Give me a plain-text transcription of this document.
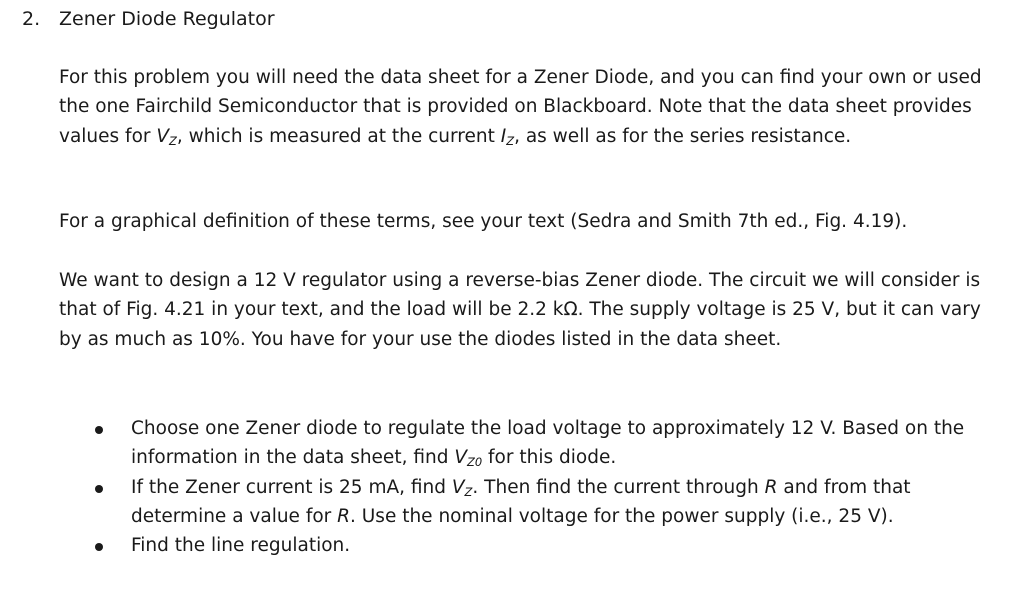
2. Zener Diode Regulator

For this problem you will need the data sheet for a Zener Diode, and you can find your own or used the one Fairchild Semiconductor that is provided on Blackboard. Note that the data sheet provides values for $V_Z$, which is measured at the current $I_Z$, as well as for the series resistance.

For a graphical definition of these terms, see your text (Sedra and Smith 7th ed., Fig. 4.19).

We want to design a 12 V regulator using a reverse-bias Zener diode. The circuit we will consider is that of Fig. 4.21 in your text, and the load will be 2.2 kΩ. The supply voltage is 25 V, but it can vary by as much as 10%. You have for your use the diodes listed in the data sheet.

Choose one Zener diode to regulate the load voltage to approximately 12 V. Based on the information in the data sheet, find $V_{Z0}$ for this diode.
If the Zener current is 25 mA, find $V_Z$. Then find the current through R and from that determine a value for R. Use the nominal voltage for the power supply (i.e., 25 V).
Find the line regulation.
